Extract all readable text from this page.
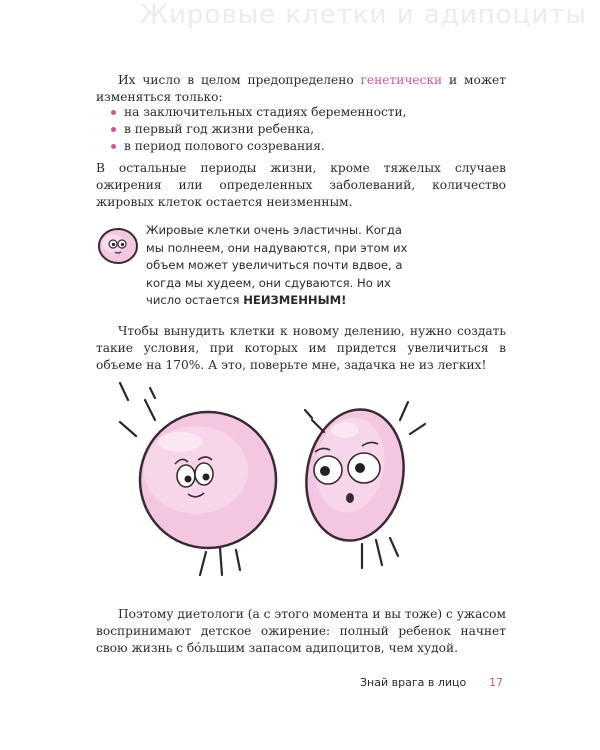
Жировые клетки и адипоциты

Их число в целом предопределено генетически и может изменяться только:

на заключительных стадиях беременности,
в первый год жизни ребенка,
в период полового созревания.

В остальные периоды жизни, кроме тяжелых случаев ожирения или определенных заболеваний, количество жировых клеток остается неизменным.

Жировые клетки очень эластичны. Когда мы полнеем, они надуваются, при этом их объем может увеличиться почти вдвое, а когда мы худеем, они сдуваются. Но их число остается НЕИЗМЕННЫМ!

Чтобы вынудить клетки к новому делению, нужно создать такие условия, при которых им придется увеличиться в объеме на 170%. А это, поверьте мне, задачка не из легких!

Поэтому диетологи (а с этого момента и вы тоже) с ужасом воспринимают детское ожирение: полный ребенок начнет свою жизнь с бóльшим запасом адипоцитов, чем худой.

Знай врага в лицо 17
